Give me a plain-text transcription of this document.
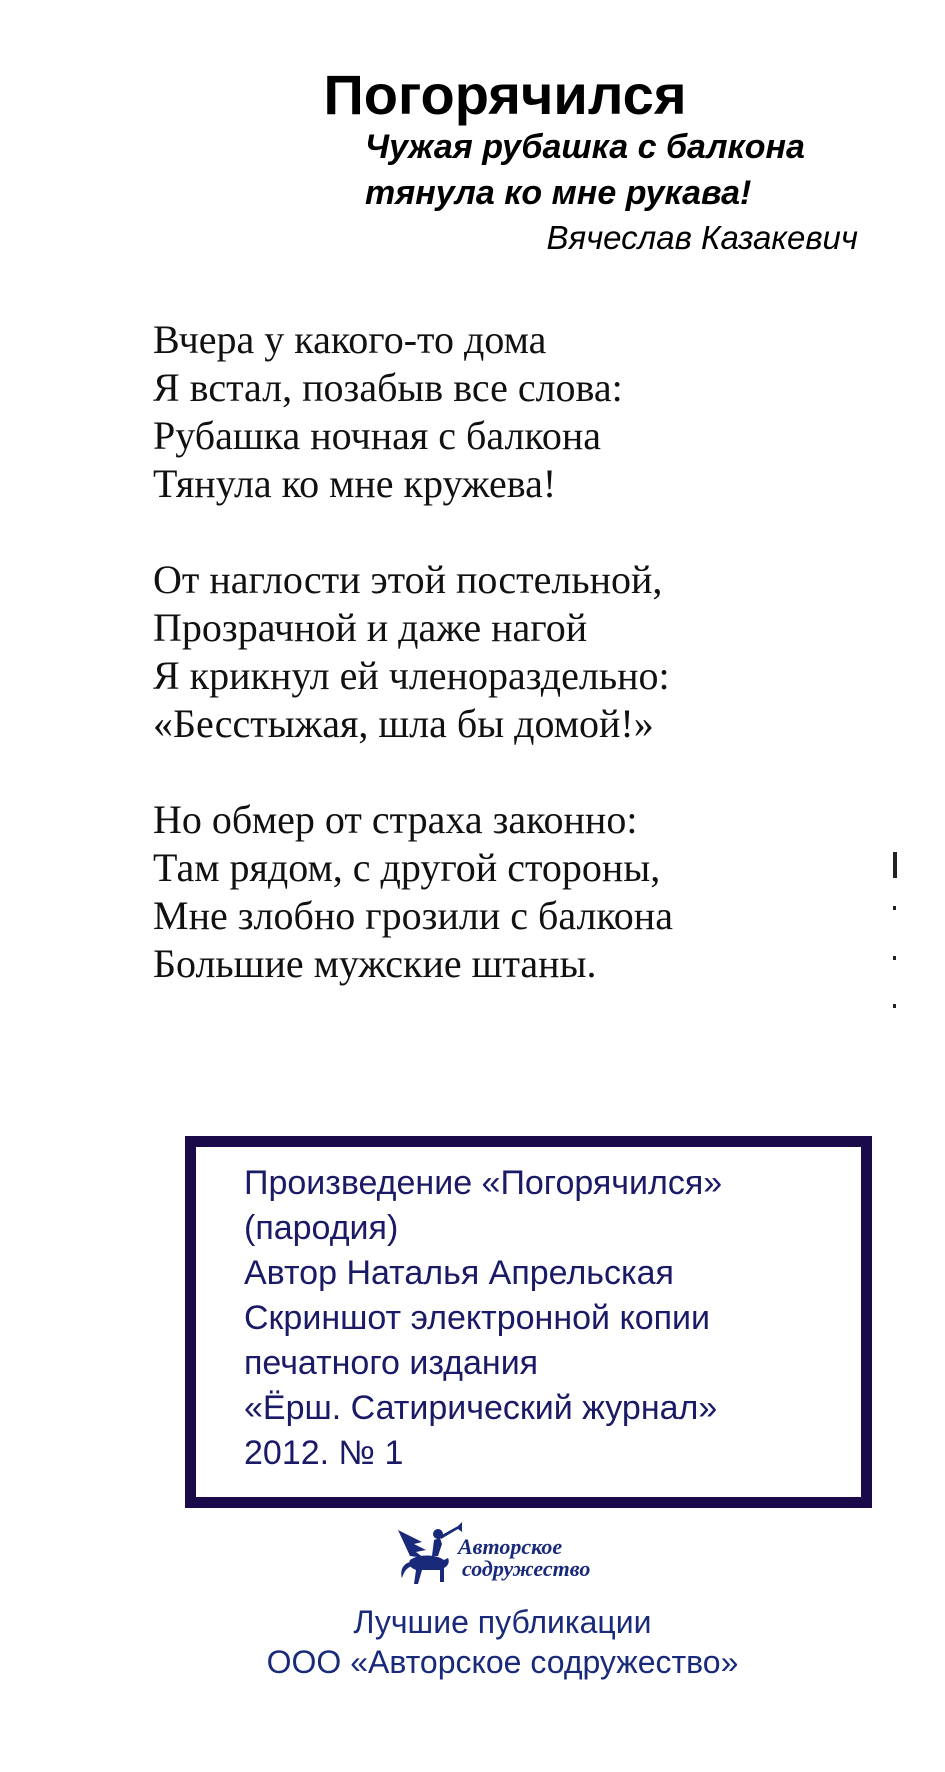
Погорячился
Чужая рубашка с балкона
тянула ко мне рукава!
Вячеслав Казакевич
Вчера у какого-то дома
Я встал, позабыв все слова:
Рубашка ночная с балкона
Тянула ко мне кружева!
От наглости этой постельной,
Прозрачной и даже нагой
Я крикнул ей членораздельно:
«Бесстыжая, шла бы домой!»
Но обмер от страха законно:
Там рядом, с другой стороны,
Мне злобно грозили с балкона
Большие мужские штаны.
Произведение «Погорячился»
(пародия)
Автор Наталья Апрельская
Скриншот электронной копии
печатного издания
«Ёрш. Сатирический журнал»
2012. № 1
Авторское
содружество
Лучшие публикации
ООО «Авторское содружество»
